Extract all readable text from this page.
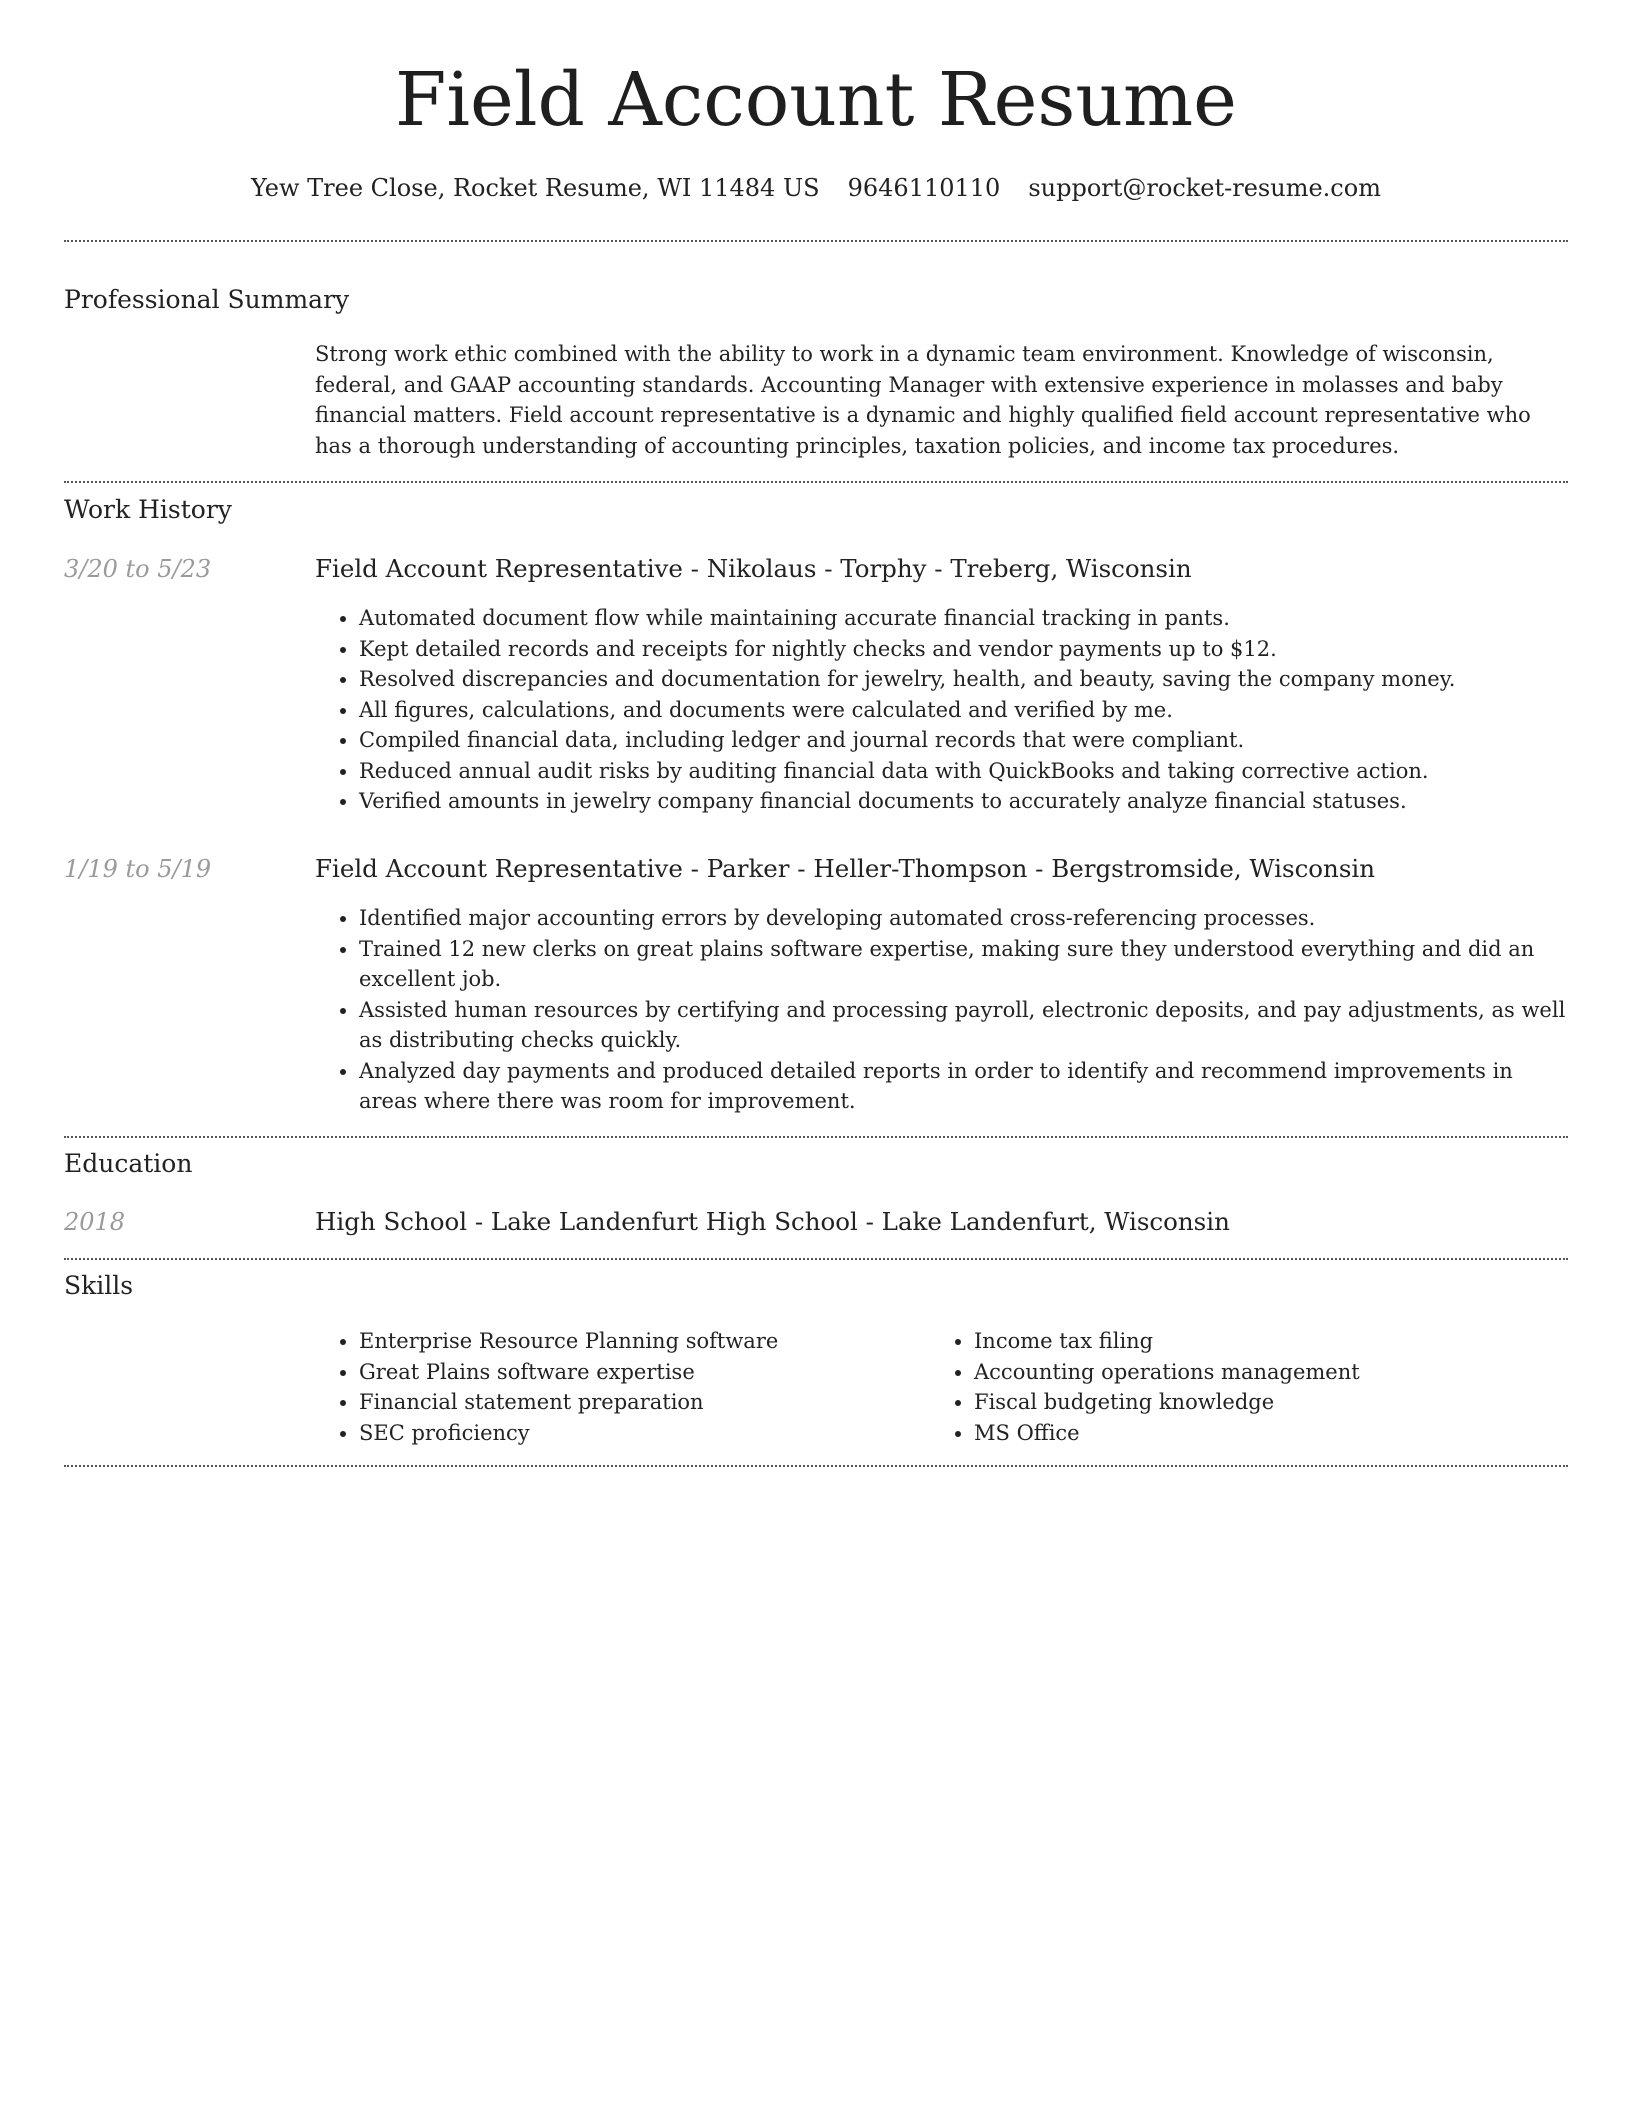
Field Account Resume
Yew Tree Close, Rocket Resume, WI 11484 US 9646110110 support@rocket-resume.com
Professional Summary
Strong work ethic combined with the ability to work in a dynamic team environment. Knowledge of wisconsin, federal, and GAAP accounting standards. Accounting Manager with extensive experience in molasses and baby financial matters. Field account representative is a dynamic and highly qualified field account representative who has a thorough understanding of accounting principles, taxation policies, and income tax procedures.
Work History
3/20 to 5/23	Field Account Representative - Nikolaus - Torphy - Treberg, Wisconsin
• Automated document flow while maintaining accurate financial tracking in pants.
• Kept detailed records and receipts for nightly checks and vendor payments up to $12.
• Resolved discrepancies and documentation for jewelry, health, and beauty, saving the company money.
• All figures, calculations, and documents were calculated and verified by me.
• Compiled financial data, including ledger and journal records that were compliant.
• Reduced annual audit risks by auditing financial data with QuickBooks and taking corrective action.
• Verified amounts in jewelry company financial documents to accurately analyze financial statuses.
1/19 to 5/19	Field Account Representative - Parker - Heller-Thompson - Bergstromside, Wisconsin
• Identified major accounting errors by developing automated cross-referencing processes.
• Trained 12 new clerks on great plains software expertise, making sure they understood everything and did an excellent job.
• Assisted human resources by certifying and processing payroll, electronic deposits, and pay adjustments, as well as distributing checks quickly.
• Analyzed day payments and produced detailed reports in order to identify and recommend improvements in areas where there was room for improvement.
Education
2018	High School - Lake Landenfurt High School - Lake Landenfurt, Wisconsin
Skills
• Enterprise Resource Planning software
• Great Plains software expertise
• Financial statement preparation
• SEC proficiency
• Income tax filing
• Accounting operations management
• Fiscal budgeting knowledge
• MS Office
